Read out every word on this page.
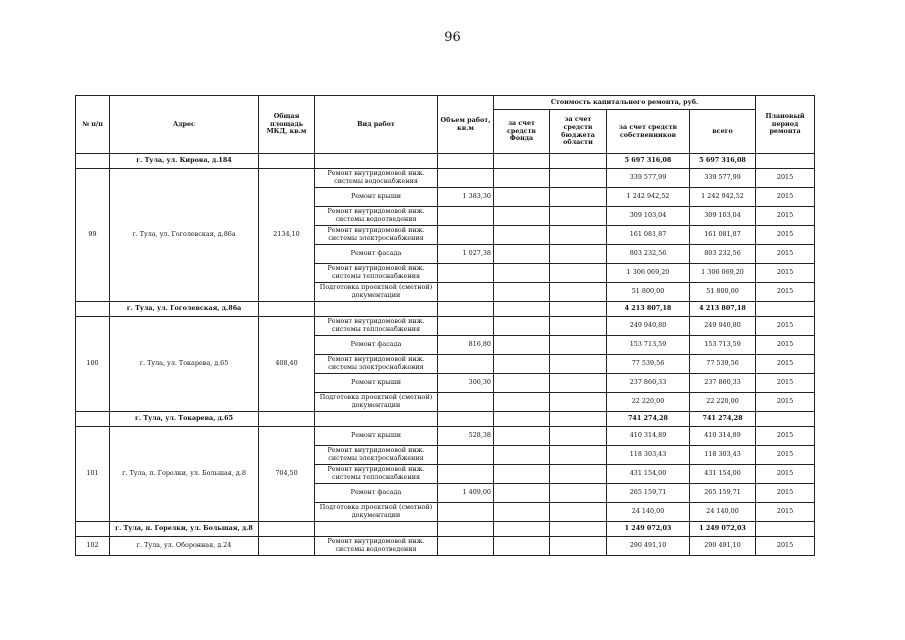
96
№ п/п	Адрес	Общая площадь МКД, кв.м	Вид работ	Объем работ, кв.м	Стоимость капитального ремонта, руб.				Плановый период ремонта
					за счет средств Фонда	за счет средств бюджета области	за счет средств собственников	всего	
	г. Тула, ул. Кирова, д.184						5 697 316,08	5 697 316,08	
99	г. Тула, ул. Гоголевская, д.86а	2134,10	Ремонт внутридомовой инж. системы водоснабжения				339 577,99	339 577,99	2015
			Ремонт крыши	1 383,30			1 242 942,52	1 242 942,52	2015
			Ремонт внутридомовой инж. системы водоотведения				309 103,04	309 103,04	2015
			Ремонт внутридомовой инж. системы электроснабжения				161 081,87	161 081,87	2015
			Ремонт фасада	1 027,38			803 232,56	803 232,56	2015
			Ремонт внутридомовой инж. системы теплоснабжения				1 306 069,20	1 306 069,20	2015
			Подготовка проектной (сметной) документации				51 800,00	51 800,00	2015
	г. Тула, ул. Гоголевская, д.86а						4 213 807,18	4 213 807,18	
100	г. Тула, ул. Токарева, д.65	408,40	Ремонт внутридомовой инж. системы теплоснабжения				249 940,80	249 940,80	2015
			Ремонт фасада	816,80			153 713,59	153 713,59	2015
			Ремонт внутридомовой инж. системы электроснабжения				77 539,56	77 539,56	2015
			Ремонт крыши	306,30			237 860,33	237 860,33	2015
			Подготовка проектной (сметной) документации				22 220,00	22 220,00	2015
	г. Тула, ул. Токарева, д.65						741 274,28	741 274,28	
101	г. Тула, п. Горелки, ул. Большая, д.8	704,50	Ремонт крыши	528,38			410 314,89	410 314,89	2015
			Ремонт внутридомовой инж. системы электроснабжения				118 303,43	118 303,43	2015
			Ремонт внутридомовой инж. системы теплоснабжения				431 154,00	431 154,00	2015
			Ремонт фасада	1 409,00			265 159,71	265 159,71	2015
			Подготовка проектной (сметной) документации				24 140,00	24 140,00	2015
	г. Тула, п. Горелки, ул. Большая, д.8						1 249 072,03	1 249 072,03	
102	г. Тула, ул. Оборонная, д.24		Ремонт внутридомовой инж. системы водоотведения				290 491,10	290 491,10	2015
